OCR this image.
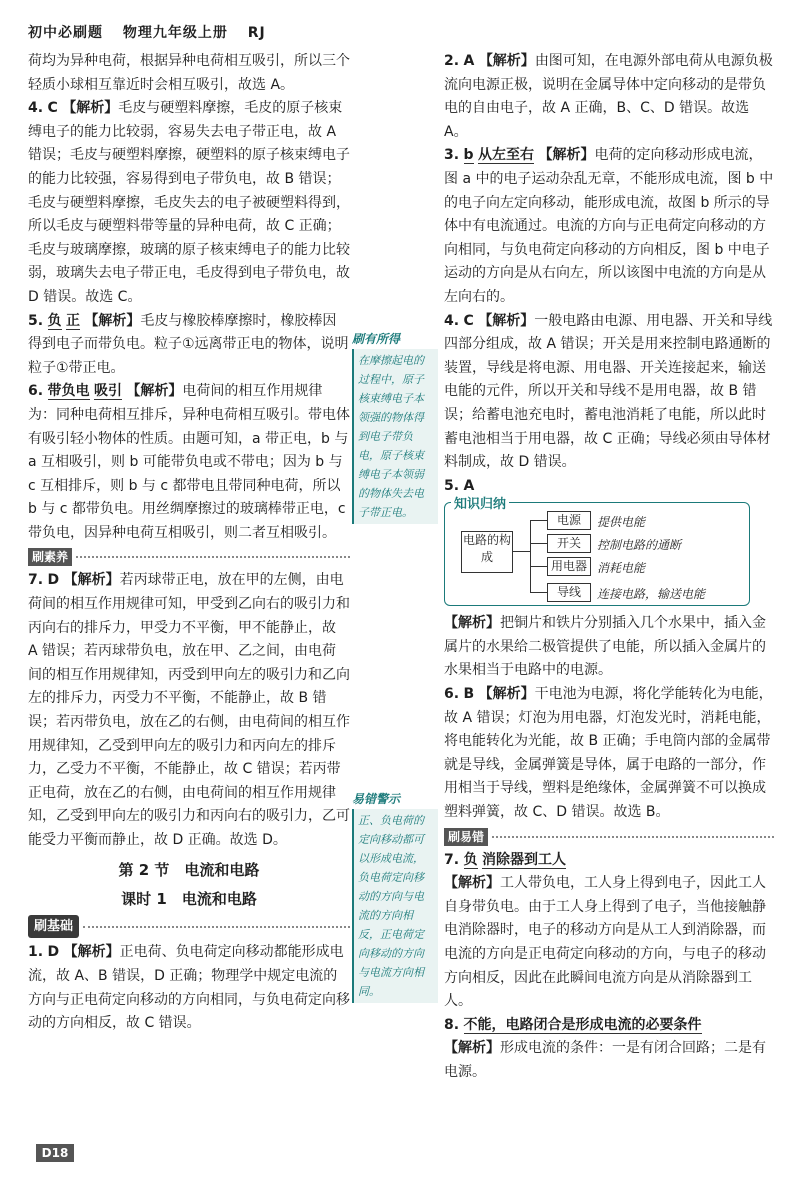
初中必刷题 物理九年级上册 RJ

荷均为异种电荷，根据异种电荷相互吸引，所以三个轻质小球相互靠近时会相互吸引，故选 A。

4. C 【解析】毛皮与硬塑料摩擦，毛皮的原子核束缚电子的能力比较弱，容易失去电子带正电，故 A 错误；毛皮与硬塑料摩擦，硬塑料的原子核束缚电子的能力比较强，容易得到电子带负电，故 B 错误；毛皮与硬塑料摩擦，毛皮失去的电子被硬塑料得到，所以毛皮与硬塑料带等量的异种电荷，故 C 正确；毛皮与玻璃摩擦，玻璃的原子核束缚电子的能力比较弱，玻璃失去电子带正电，毛皮得到电子带负电，故 D 错误。故选 C。

5. 负 正 【解析】毛皮与橡胶棒摩擦时，橡胶棒因得到电子而带负电。粒子①远离带正电的物体，说明粒子①带正电。

6. 带负电 吸引 【解析】电荷间的相互作用规律为：同种电荷相互排斥，异种电荷相互吸引。带电体有吸引轻小物体的性质。由题可知，a 带正电，b 与 a 互相吸引，则 b 可能带负电或不带电；因为 b 与 c 互相排斥，则 b 与 c 都带电且带同种电荷，所以 b 与 c 都带负电。用丝绸摩擦过的玻璃棒带正电，c 带负电，因异种电荷互相吸引，则二者互相吸引。

刷素养

7. D 【解析】若丙球带正电，放在甲的左侧，由电荷间的相互作用规律可知，甲受到乙向右的吸引力和丙向右的排斥力，甲受力不平衡，甲不能静止，故 A 错误；若丙球带负电，放在甲、乙之间，由电荷间的相互作用规律知，丙受到甲向左的吸引力和乙向左的排斥力，丙受力不平衡，不能静止，故 B 错误；若丙带负电，放在乙的右侧，由电荷间的相互作用规律知，乙受到甲向左的吸引力和丙向左的排斥力，乙受力不平衡，不能静止，故 C 错误；若丙带正电荷，放在乙的右侧，由电荷间的相互作用规律知，乙受到甲向左的吸引力和丙向右的吸引力，乙可能受力平衡而静止，故 D 正确。故选 D。

第 2 节　电流和电路
课时 1　电流和电路
刷基础

1. D 【解析】正电荷、负电荷定向移动都能形成电流，故 A、B 错误，D 正确；物理学中规定电流的方向与正电荷定向移动的方向相同，与负电荷定向移动的方向相反，故 C 错误。

刷有所得
在摩擦起电的过程中，原子核束缚电子本领强的物体得到电子带负电，原子核束缚电子本领弱的物体失去电子带正电。
易错警示
正、负电荷的定向移动都可以形成电流，负电荷定向移动的方向与电流的方向相反，正电荷定向移动的方向与电流方向相同。

2. A 【解析】由图可知，在电源外部电荷从电源负极流向电源正极，说明在金属导体中定向移动的是带负电的自由电子，故 A 正确，B、C、D 错误。故选 A。

3. b 从左至右 【解析】电荷的定向移动形成电流，图 a 中的电子运动杂乱无章，不能形成电流，图 b 中的电子向左定向移动，能形成电流，故图 b 所示的导体中有电流通过。电流的方向与正电荷定向移动的方向相同，与负电荷定向移动的方向相反，图 b 中电子运动的方向是从右向左，所以该图中电流的方向是从左向右的。

4. C 【解析】一般电路由电源、用电器、开关和导线四部分组成，故 A 错误；开关是用来控制电路通断的装置，导线是将电源、用电器、开关连接起来，输送电能的元件，所以开关和导线不是用电器，故 B 错误；给蓄电池充电时，蓄电池消耗了电能，所以此时蓄电池相当于用电器，故 C 正确；导线必须由导体材料制成，故 D 错误。

5. A

知识归纳
电路的构成
电源	提供电能
开关	控制电路的通断
用电器 消耗电能
导线	连接电路，输送电能

【解析】把铜片和铁片分别插入几个水果中，插入金属片的水果给二极管提供了电能，所以插入金属片的水果相当于电路中的电源。

6. B 【解析】干电池为电源，将化学能转化为电能，故 A 错误；灯泡为用电器，灯泡发光时，消耗电能，将电能转化为光能，故 B 正确；手电筒内部的金属带就是导线，金属弹簧是导体，属于电路的一部分，作用相当于导线，塑料是绝缘体，金属弹簧不可以换成塑料弹簧，故 C、D 错误。故选 B。

刷易错

7. 负 消除器到工人
【解析】工人带负电，工人身上得到电子，因此工人自身带负电。由于工人身上得到了电子，当他接触静电消除器时，电子的移动方向是从工人到消除器，而电流的方向是正电荷定向移动的方向，与电子的移动方向相反，因此在此瞬间电流方向是从消除器到工人。

8. 不能，电路闭合是形成电流的必要条件
【解析】形成电流的条件：一是有闭合回路；二是有电源。

D18
